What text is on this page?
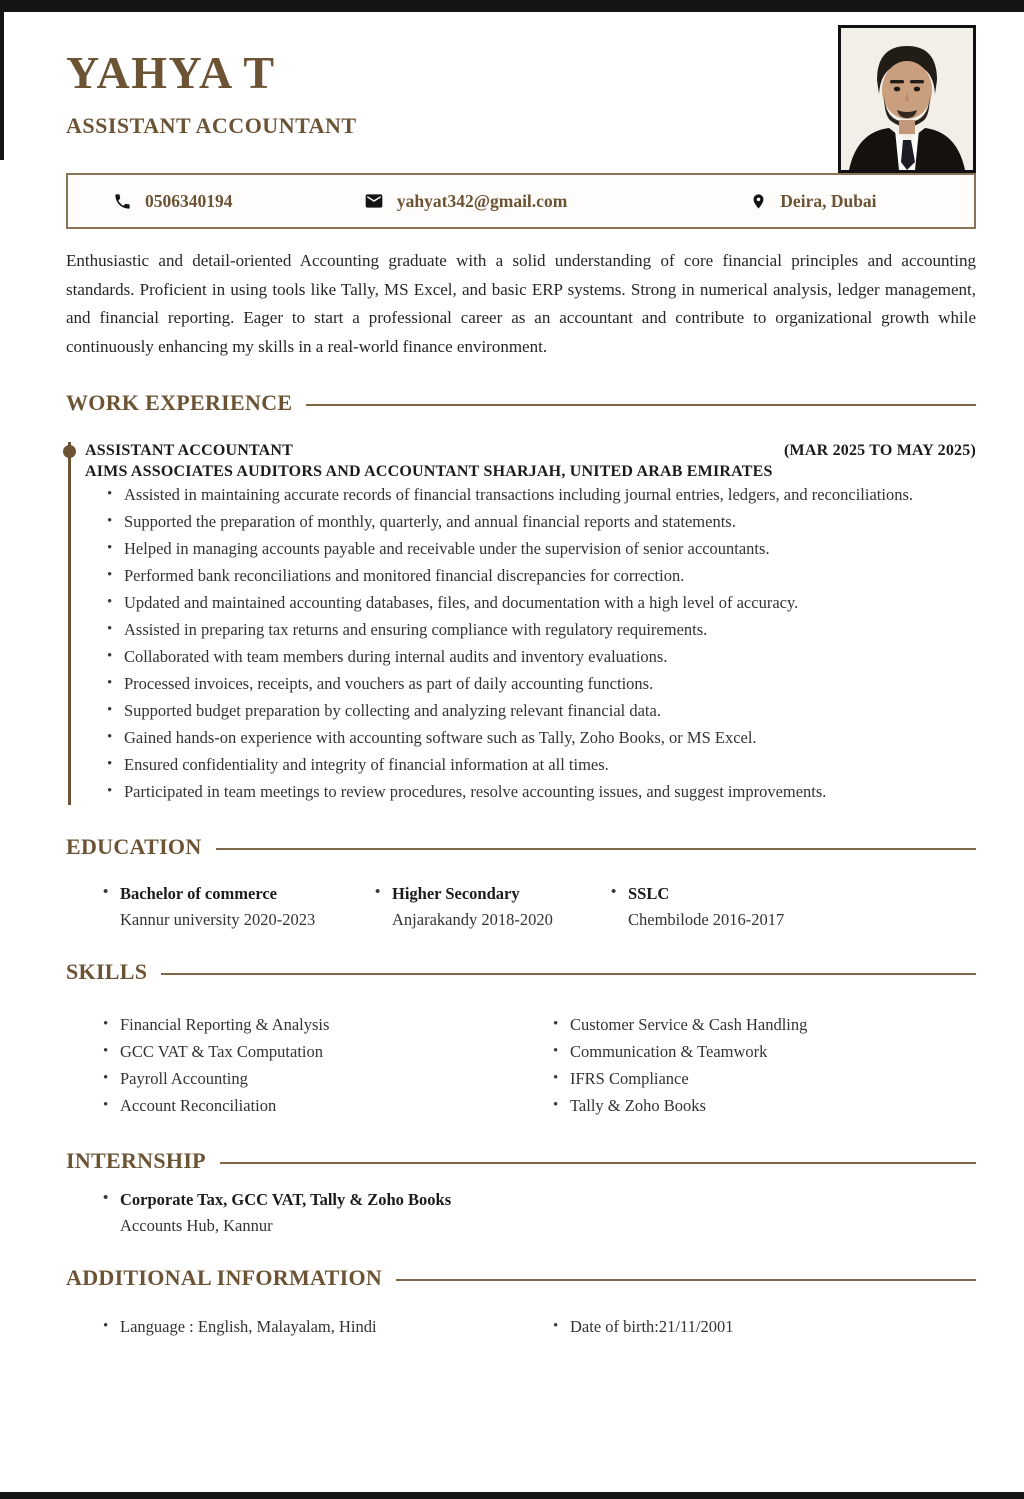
YAHYA T
ASSISTANT ACCOUNTANT
0506340194	yahyat342@gmail.com	Deira, Dubai

Enthusiastic and detail-oriented Accounting graduate with a solid understanding of core financial principles and accounting standards. Proficient in using tools like Tally, MS Excel, and basic ERP systems. Strong in numerical analysis, ledger management, and financial reporting. Eager to start a professional career as an accountant and contribute to organizational growth while continuously enhancing my skills in a real-world finance environment.

WORK EXPERIENCE
ASSISTANT ACCOUNTANT	(MAR 2025 TO MAY 2025)
AIMS ASSOCIATES AUDITORS AND ACCOUNTANT SHARJAH, UNITED ARAB EMIRATES
• Assisted in maintaining accurate records of financial transactions including journal entries, ledgers, and reconciliations.
• Supported the preparation of monthly, quarterly, and annual financial reports and statements.
• Helped in managing accounts payable and receivable under the supervision of senior accountants.
• Performed bank reconciliations and monitored financial discrepancies for correction.
• Updated and maintained accounting databases, files, and documentation with a high level of accuracy.
• Assisted in preparing tax returns and ensuring compliance with regulatory requirements.
• Collaborated with team members during internal audits and inventory evaluations.
• Processed invoices, receipts, and vouchers as part of daily accounting functions.
• Supported budget preparation by collecting and analyzing relevant financial data.
• Gained hands-on experience with accounting software such as Tally, Zoho Books, or MS Excel.
• Ensured confidentiality and integrity of financial information at all times.
• Participated in team meetings to review procedures, resolve accounting issues, and suggest improvements.
EDUCATION
• Bachelor of commerce
Kannur university 2020-2023
• Higher Secondary
Anjarakandy 2018-2020
• SSLC
Chembilode 2016-2017
SKILLS
• Financial Reporting & Analysis
• GCC VAT & Tax Computation
• Payroll Accounting
• Account Reconciliation
• Customer Service & Cash Handling
• Communication & Teamwork
• IFRS Compliance
• Tally & Zoho Books
INTERNSHIP
• Corporate Tax, GCC VAT, Tally & Zoho Books
Accounts Hub, Kannur
ADDITIONAL INFORMATION
• Language : English, Malayalam, Hindi	• Date of birth:21/11/2001
